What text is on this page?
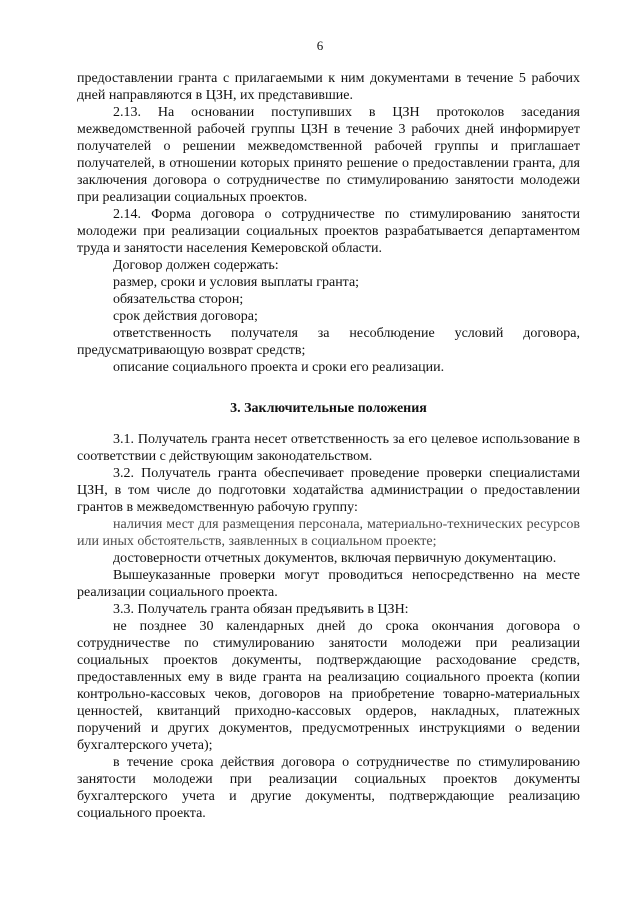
6

предоставлении гранта с прилагаемыми к ним документами в течение 5 рабочих дней направляются в ЦЗН, их представившие.

2.13. На основании поступивших в ЦЗН протоколов заседания межведомственной рабочей группы ЦЗН в течение 3 рабочих дней информирует получателей о решении межведомственной рабочей группы и приглашает получателей, в отношении которых принято решение о предоставлении гранта, для заключения договора о сотрудничестве по стимулированию занятости молодежи при реализации социальных проектов.

2.14. Форма договора о сотрудничестве по стимулированию занятости молодежи при реализации социальных проектов разрабатывается департаментом труда и занятости населения Кемеровской области.

Договор должен содержать:

размер, сроки и условия выплаты гранта;

обязательства сторон;

срок действия договора;

ответственность получателя за несоблюдение условий договора, предусматривающую возврат средств;

описание социального проекта и сроки его реализации.

3. Заключительные положения

3.1. Получатель гранта несет ответственность за его целевое использование в соответствии с действующим законодательством.

3.2. Получатель гранта обеспечивает проведение проверки специалистами ЦЗН, в том числе до подготовки ходатайства администрации о предоставлении грантов в межведомственную рабочую группу:

наличия мест для размещения персонала, материально-технических ресурсов или иных обстоятельств, заявленных в социальном проекте;

достоверности отчетных документов, включая первичную документацию.

Вышеуказанные проверки могут проводиться непосредственно на месте реализации социального проекта.

3.3. Получатель гранта обязан предъявить в ЦЗН:

не позднее 30 календарных дней до срока окончания договора о сотрудничестве по стимулированию занятости молодежи при реализации социальных проектов документы, подтверждающие расходование средств, предоставленных ему в виде гранта на реализацию социального проекта (копии контрольно-кассовых чеков, договоров на приобретение товарно-материальных ценностей, квитанций приходно-кассовых ордеров, накладных, платежных поручений и других документов, предусмотренных инструкциями о ведении бухгалтерского учета);

в течение срока действия договора о сотрудничестве по стимулированию занятости молодежи при реализации социальных проектов документы бухгалтерского учета и другие документы, подтверждающие реализацию социального проекта.
